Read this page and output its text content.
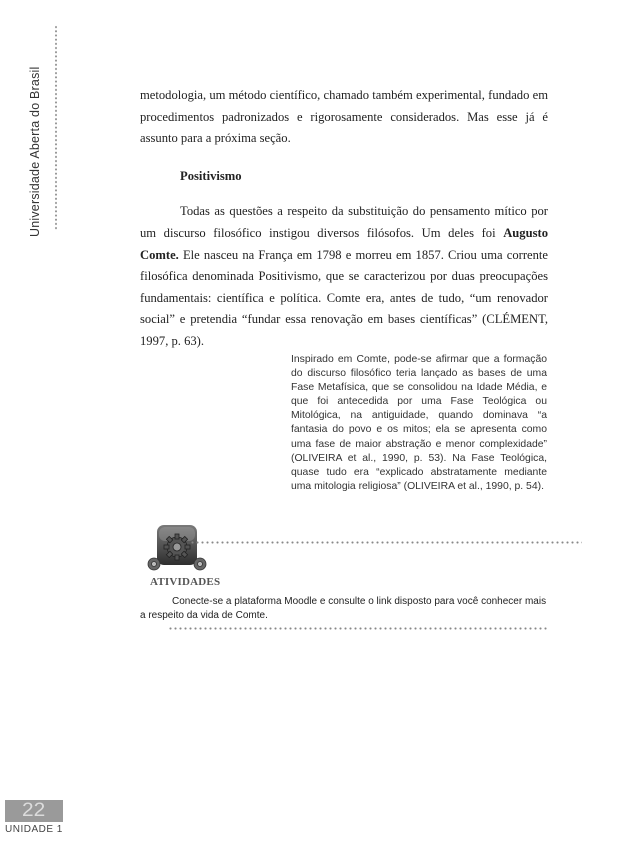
Universidade Aberta do Brasil	metodologia, um método científico, chamado também experimental, fundado em procedimentos padronizados e rigorosamente considerados. Mas esse já é assunto para a próxima seção.

Positivismo

Todas as questões a respeito da substituição do pensamento mítico por um discurso filosófico instigou diversos filósofos. Um deles foi Augusto Comte. Ele nasceu na França em 1798 e morreu em 1857. Criou uma corrente filosófica denominada Positivismo, que se caracterizou por duas preocupações fundamentais: científica e política. Comte era, antes de tudo, “um renovador social” e pretendia “fundar essa renovação em bases científicas” (CLÉMENT, 1997, p. 63).

Inspirado em Comte, pode-se afirmar que a formação do discurso filosófico teria lançado as bases de uma Fase Metafísica, que se consolidou na Idade Média, e que foi antecedida por uma Fase Teológica ou Mitológica, na antiguidade, quando dominava “a fantasia do povo e os mitos; ela se apresenta como uma fase de maior abstração e menor complexidade” (OLIVEIRA et al., 1990, p. 53). Na Fase Teológica, quase tudo era “explicado abstratamente mediante uma mitologia religiosa” (OLIVEIRA et al., 1990, p. 54).
ATIVIDADES
Conecte-se a plataforma Moodle e consulte o link disposto para você conhecer mais
a respeito da vida de Comte.
22
UNIDADE 1
